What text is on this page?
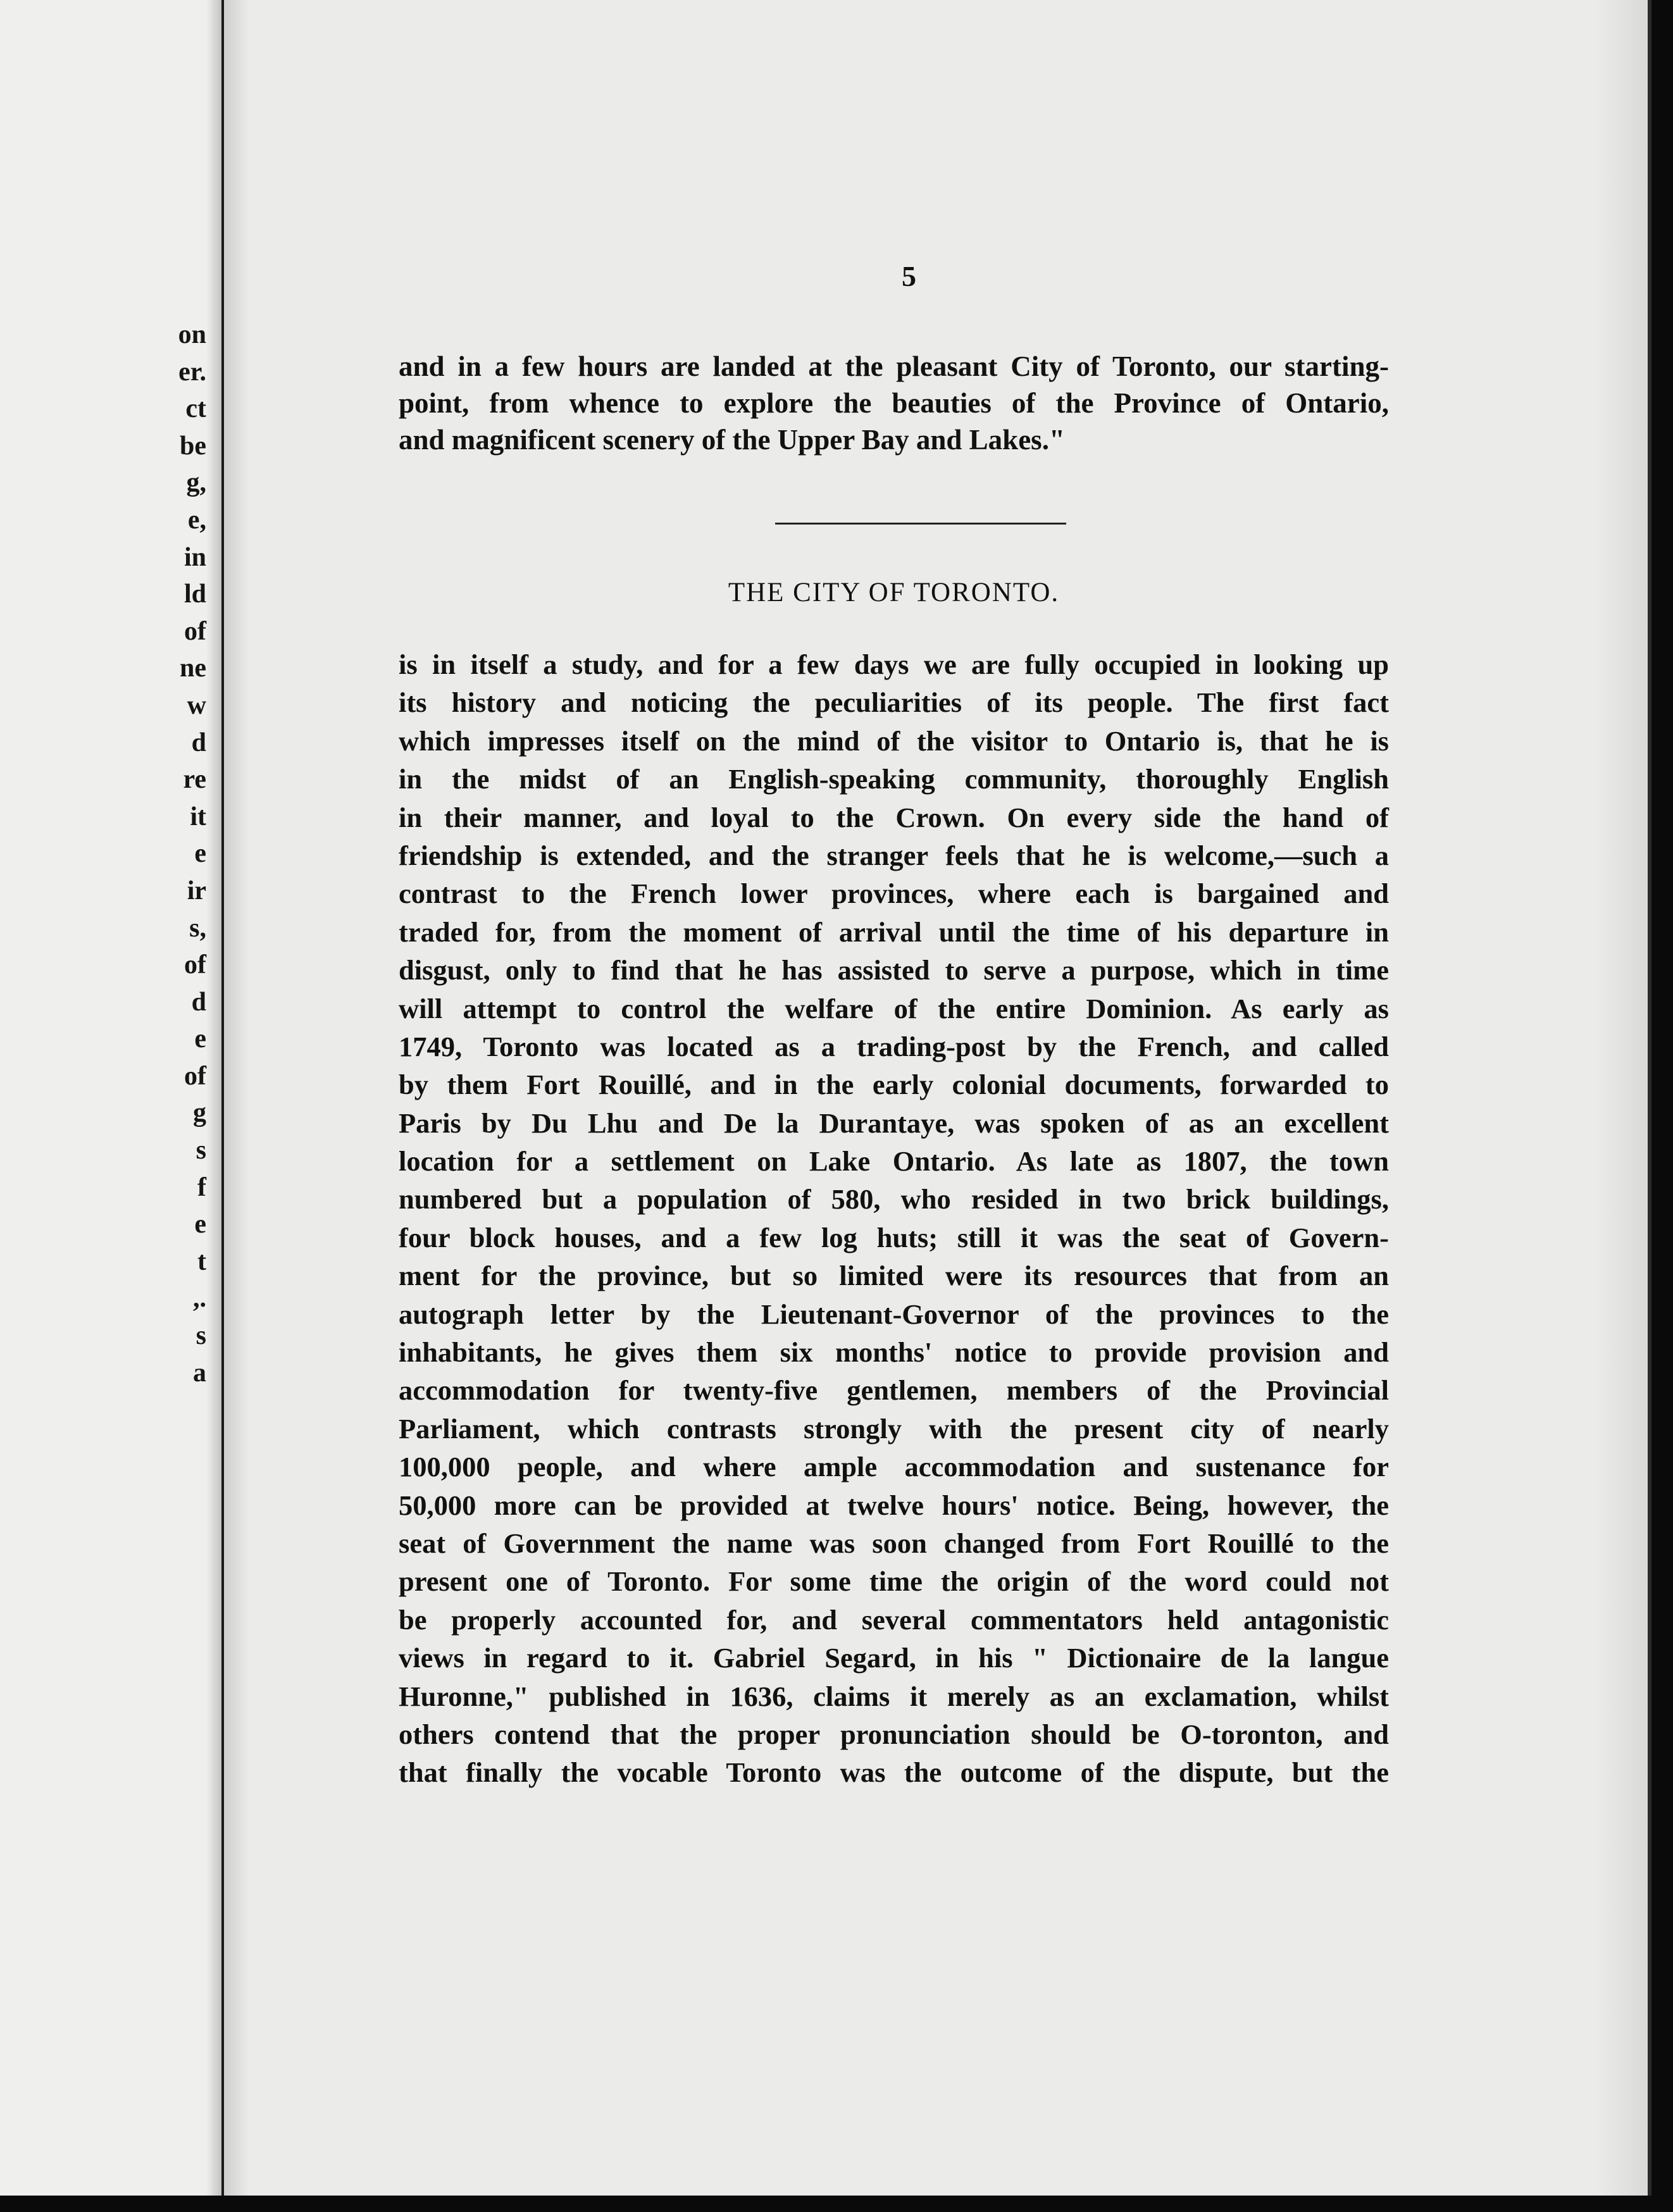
on
er.
ct
be
g,
e,
in
ld
of
ne
w
d
re
it
e
ir
s,
of
d
e
of
g
s
f
e
t
,.
s
a
5
and in a few hours are landed at the pleasant City of Toronto, our starting-
point, from whence to explore the beauties of the Province of Ontario,
and magnificent scenery of the Upper Bay and Lakes."
THE CITY OF TORONTO.
is in itself a study, and for a few days we are fully occupied in looking up
its history and noticing the peculiarities of its people. The first fact
which impresses itself on the mind of the visitor to Ontario is, that he is
in the midst of an English-speaking community, thoroughly English
in their manner, and loyal to the Crown. On every side the hand of
friendship is extended, and the stranger feels that he is welcome,—such a
contrast to the French lower provinces, where each is bargained and
traded for, from the moment of arrival until the time of his departure in
disgust, only to find that he has assisted to serve a purpose, which in time
will attempt to control the welfare of the entire Dominion. As early as
1749, Toronto was located as a trading-post by the French, and called
by them Fort Rouillé, and in the early colonial documents, forwarded to
Paris by Du Lhu and De la Durantaye, was spoken of as an excellent
location for a settlement on Lake Ontario. As late as 1807, the town
numbered but a population of 580, who resided in two brick buildings,
four block houses, and a few log huts; still it was the seat of Govern-
ment for the province, but so limited were its resources that from an
autograph letter by the Lieutenant-Governor of the provinces to the
inhabitants, he gives them six months' notice to provide provision and
accommodation for twenty-five gentlemen, members of the Provincial
Parliament, which contrasts strongly with the present city of nearly
100,000 people, and where ample accommodation and sustenance for
50,000 more can be provided at twelve hours' notice. Being, however, the
seat of Government the name was soon changed from Fort Rouillé to the
present one of Toronto. For some time the origin of the word could not
be properly accounted for, and several commentators held antagonistic
views in regard to it. Gabriel Segard, in his " Dictionaire de la langue
Huronne," published in 1636, claims it merely as an exclamation, whilst
others contend that the proper pronunciation should be O-toronton, and
that finally the vocable Toronto was the outcome of the dispute, but the
